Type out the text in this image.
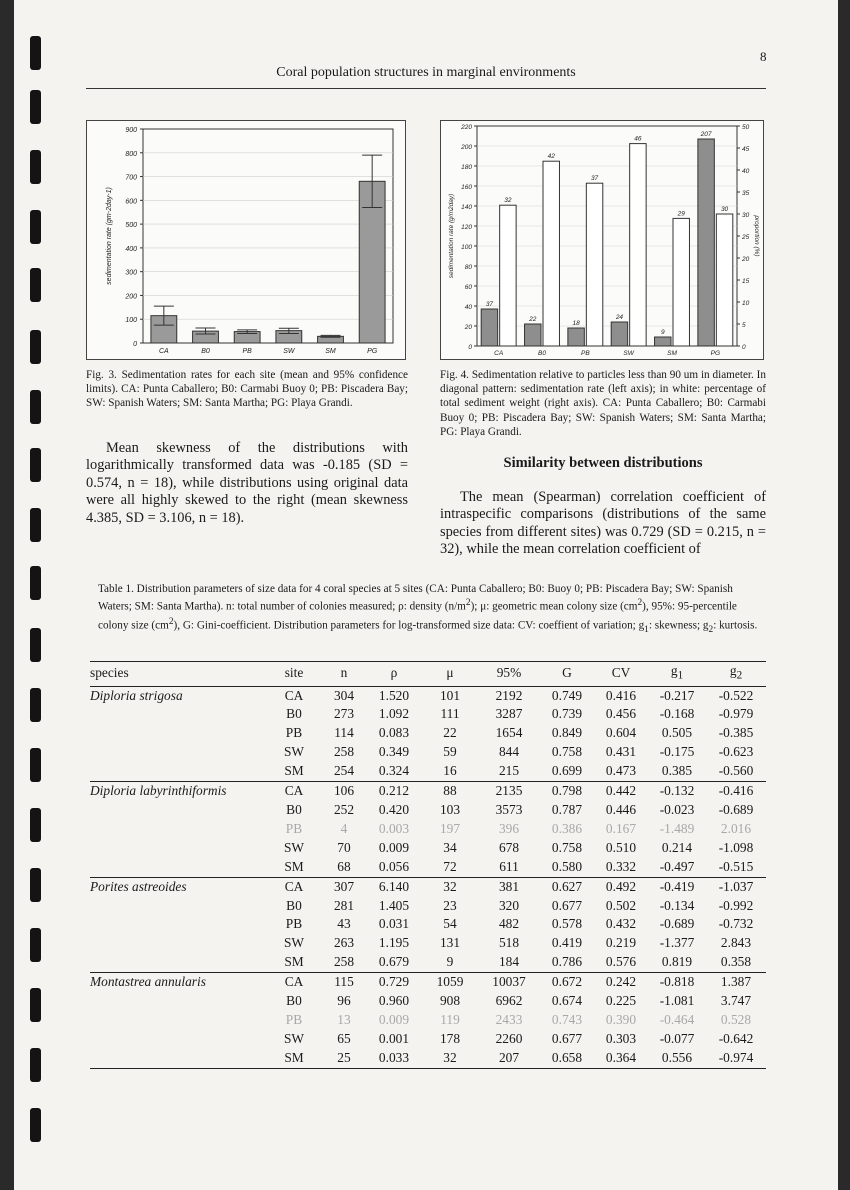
8
Coral population structures in marginal environments
0
100
200
300
400
500
600
700
800
900
sedimentation rate (gm-2day-1)
CA	B0	PB	SW	SM	PG
Fig. 3. Sedimentation rates for each site (mean and 95% confidence limits). CA: Punta Caballero; B0: Carmabi Buoy 0; PB: Piscadera Bay; SW: Spanish Waters; SM: Santa Martha; PG: Playa Grandi.
0
20
40
60
80
100
120
140
160
180
200
220
0
5
10
15
20
25
30
35
40
45
50
sedimentation rate (g/m2day)	proportion (%)
37
32
CA
22
42
B0
18
37
PB
24
46
SW
9
29
SM
207
30
PG
Fig. 4. Sedimentation relative to particles less than 90 um in diameter. In diagonal pattern: sedimentation rate (left axis); in white: percentage of total sediment weight (right axis). CA: Punta Caballero; B0: Carmabi Buoy 0; PB: Piscadera Bay; SW: Spanish Waters; SM: Santa Martha; PG: Playa Grandi.
Mean skewness of the distributions with logarithmically transformed data was -0.185 (SD = 0.574, n = 18), while distributions using original data were all highly skewed to the right (mean skewness 4.385, SD = 3.106, n = 18).
Similarity between distributions
The mean (Spearman) correlation coefficient of intraspecific comparisons (distributions of the same species from different sites) was 0.729 (SD = 0.215, n = 32), while the mean correlation coefficient of
Table 1. Distribution parameters of size data for 4 coral species at 5 sites (CA: Punta Caballero; B0: Buoy 0; PB: Piscadera Bay; SW: Spanish Waters; SM: Santa Martha). n: total number of colonies measured; ρ: density $(n/m^2)$; μ: geometric mean colony size $(cm^2)$, 95%: 95-percentile colony size $(cm^2)$, G: Gini-coefficient. Distribution parameters for log-transformed size data: CV: coeffient of variation; $g_1$: skewness; $g_2$: kurtosis.
species	site	n	ρ	μ	95%	G	CV	$g_1$	$g_2$
Diploria strigosa	CA	304	1.520	101	2192	0.749	0.416	-0.217	-0.522
	B0	273	1.092	111	3287	0.739	0.456	-0.168	-0.979
	PB	114	0.083	22	1654	0.849	0.604	0.505	-0.385
	SW	258	0.349	59	844	0.758	0.431	-0.175	-0.623
	SM	254	0.324	16	215	0.699	0.473	0.385	-0.560
Diploria labyrinthiformis	CA	106	0.212	88	2135	0.798	0.442	-0.132	-0.416
	B0	252	0.420	103	3573	0.787	0.446	-0.023	-0.689
	PB	4	0.003	197	396	0.386	0.167	-1.489	2.016
	SW	70	0.009	34	678	0.758	0.510	0.214	-1.098
	SM	68	0.056	72	611	0.580	0.332	-0.497	-0.515
Porites astreoides	CA	307	6.140	32	381	0.627	0.492	-0.419	-1.037
	B0	281	1.405	23	320	0.677	0.502	-0.134	-0.992
	PB	43	0.031	54	482	0.578	0.432	-0.689	-0.732
	SW	263	1.195	131	518	0.419	0.219	-1.377	2.843
	SM	258	0.679	9	184	0.786	0.576	0.819	0.358
Montastrea annularis	CA	115	0.729	1059	10037	0.672	0.242	-0.818	1.387
	B0	96	0.960	908	6962	0.674	0.225	-1.081	3.747
	PB	13	0.009	119	2433	0.743	0.390	-0.464	0.528
	SW	65	0.001	178	2260	0.677	0.303	-0.077	-0.642
	SM	25	0.033	32	207	0.658	0.364	0.556	-0.974
